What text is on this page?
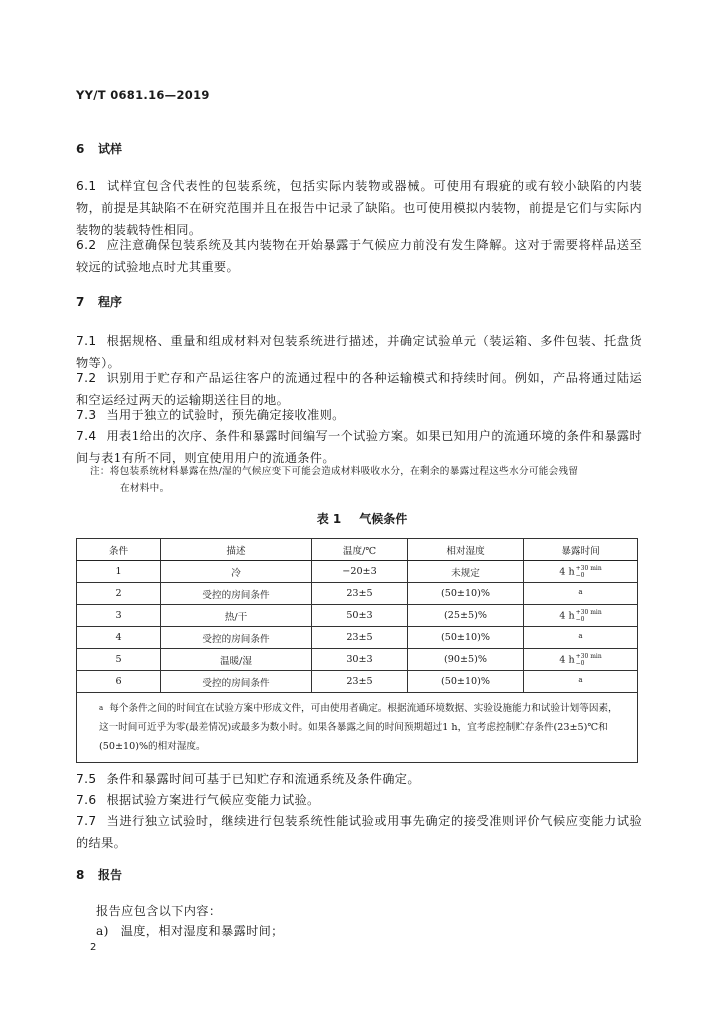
YY/T 0681.16—2019
6 试样
6.1 试样宜包含代表性的包装系统，包括实际内装物或器械。可使用有瑕疵的或有较小缺陷的内装物，前提是其缺陷不在研究范围并且在报告中记录了缺陷。也可使用模拟内装物，前提是它们与实际内装物的装载特性相同。
6.2 应注意确保包装系统及其内装物在开始暴露于气候应力前没有发生降解。这对于需要将样品送至较远的试验地点时尤其重要。
7 程序
7.1 根据规格、重量和组成材料对包装系统进行描述，并确定试验单元（装运箱、多件包装、托盘货物等）。
7.2 识别用于贮存和产品运往客户的流通过程中的各种运输模式和持续时间。例如，产品将通过陆运和空运经过两天的运输期送往目的地。
7.3 当用于独立的试验时，预先确定接收准则。
7.4 用表1给出的次序、条件和暴露时间编写一个试验方案。如果已知用户的流通环境的条件和暴露时间与表1有所不同，则宜使用用户的流通条件。
注：将包装系统材料暴露在热/湿的气候应变下可能会造成材料吸收水分，在剩余的暴露过程这些水分可能会残留
在材料中。
表 1 气候条件
条件	描述	温度/℃	相对湿度	暴露时间
1	冷	−20±3	未规定	4 h +30 min
−0

2	受控的房间条件	23±5	(50±10)%	$^a$
3	热/干	50±3	(25±5)%	4 h +30 min
−0

4	受控的房间条件	23±5	(50±10)%	$^a$
5	温暖/湿	30±3	(90±5)%	4 h +30 min
−0

6	受控的房间条件	23±5	(50±10)%	$^a$
$^a$ 每个条件之间的时间宜在试验方案中形成文件，可由使用者确定。根据流通环境数据、实验设施能力和试验计划等因素，这一时间可近乎为零(最差情况)或最多为数小时。如果各暴露之间的时间预期超过1 h，宜考虑控制贮存条件(23±5)℃和(50±10)%的相对湿度。				
7.5 条件和暴露时间可基于已知贮存和流通系统及条件确定。
7.6 根据试验方案进行气候应变能力试验。
7.7 当进行独立试验时，继续进行包装系统性能试验或用事先确定的接受准则评价气候应变能力试验的结果。
8 报告
报告应包含以下内容：
a) 温度，相对湿度和暴露时间；
2
